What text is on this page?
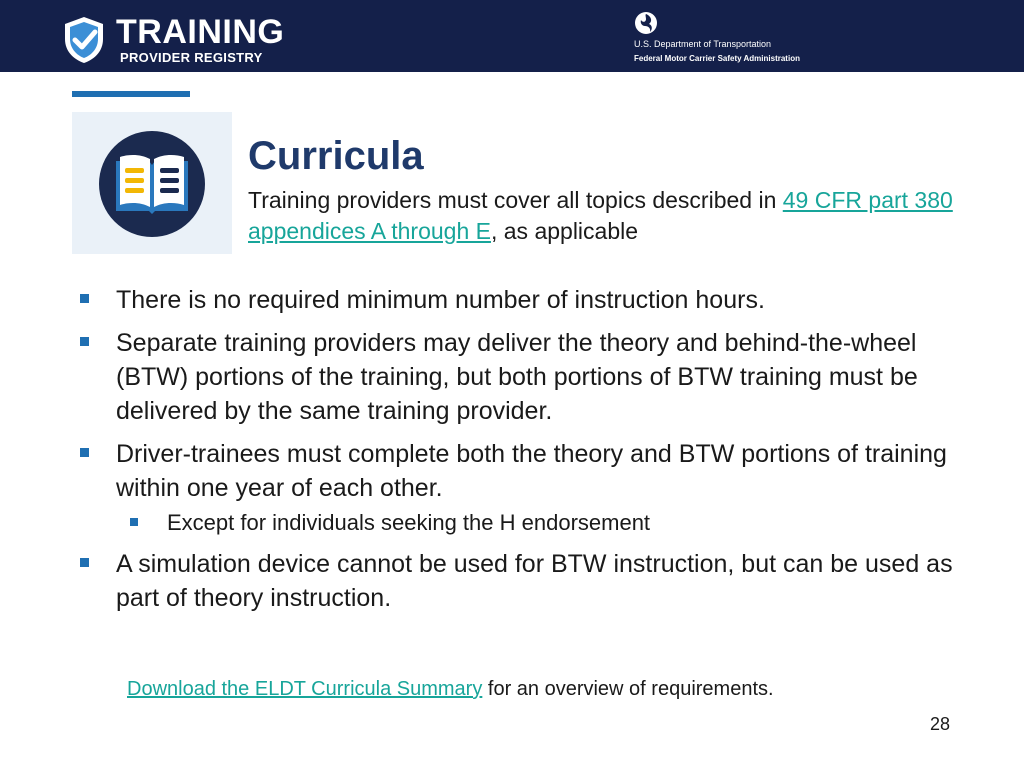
TRAINING
PROVIDER REGISTRY
U.S. Department of Transportation
Federal Motor Carrier Safety Administration
Curricula
Training providers must cover all topics described in 49 CFR part 380 appendices A through E, as applicable
There is no required minimum number of instruction hours.
Separate training providers may deliver the theory and behind-the-wheel (BTW) portions of the training, but both portions of BTW training must be delivered by the same training provider.
Driver-trainees must complete both the theory and BTW portions of training within one year of each other.
Except for individuals seeking the H endorsement
A simulation device cannot be used for BTW instruction, but can be used as part of theory instruction.
Download the ELDT Curricula Summary for an overview of requirements.
28
